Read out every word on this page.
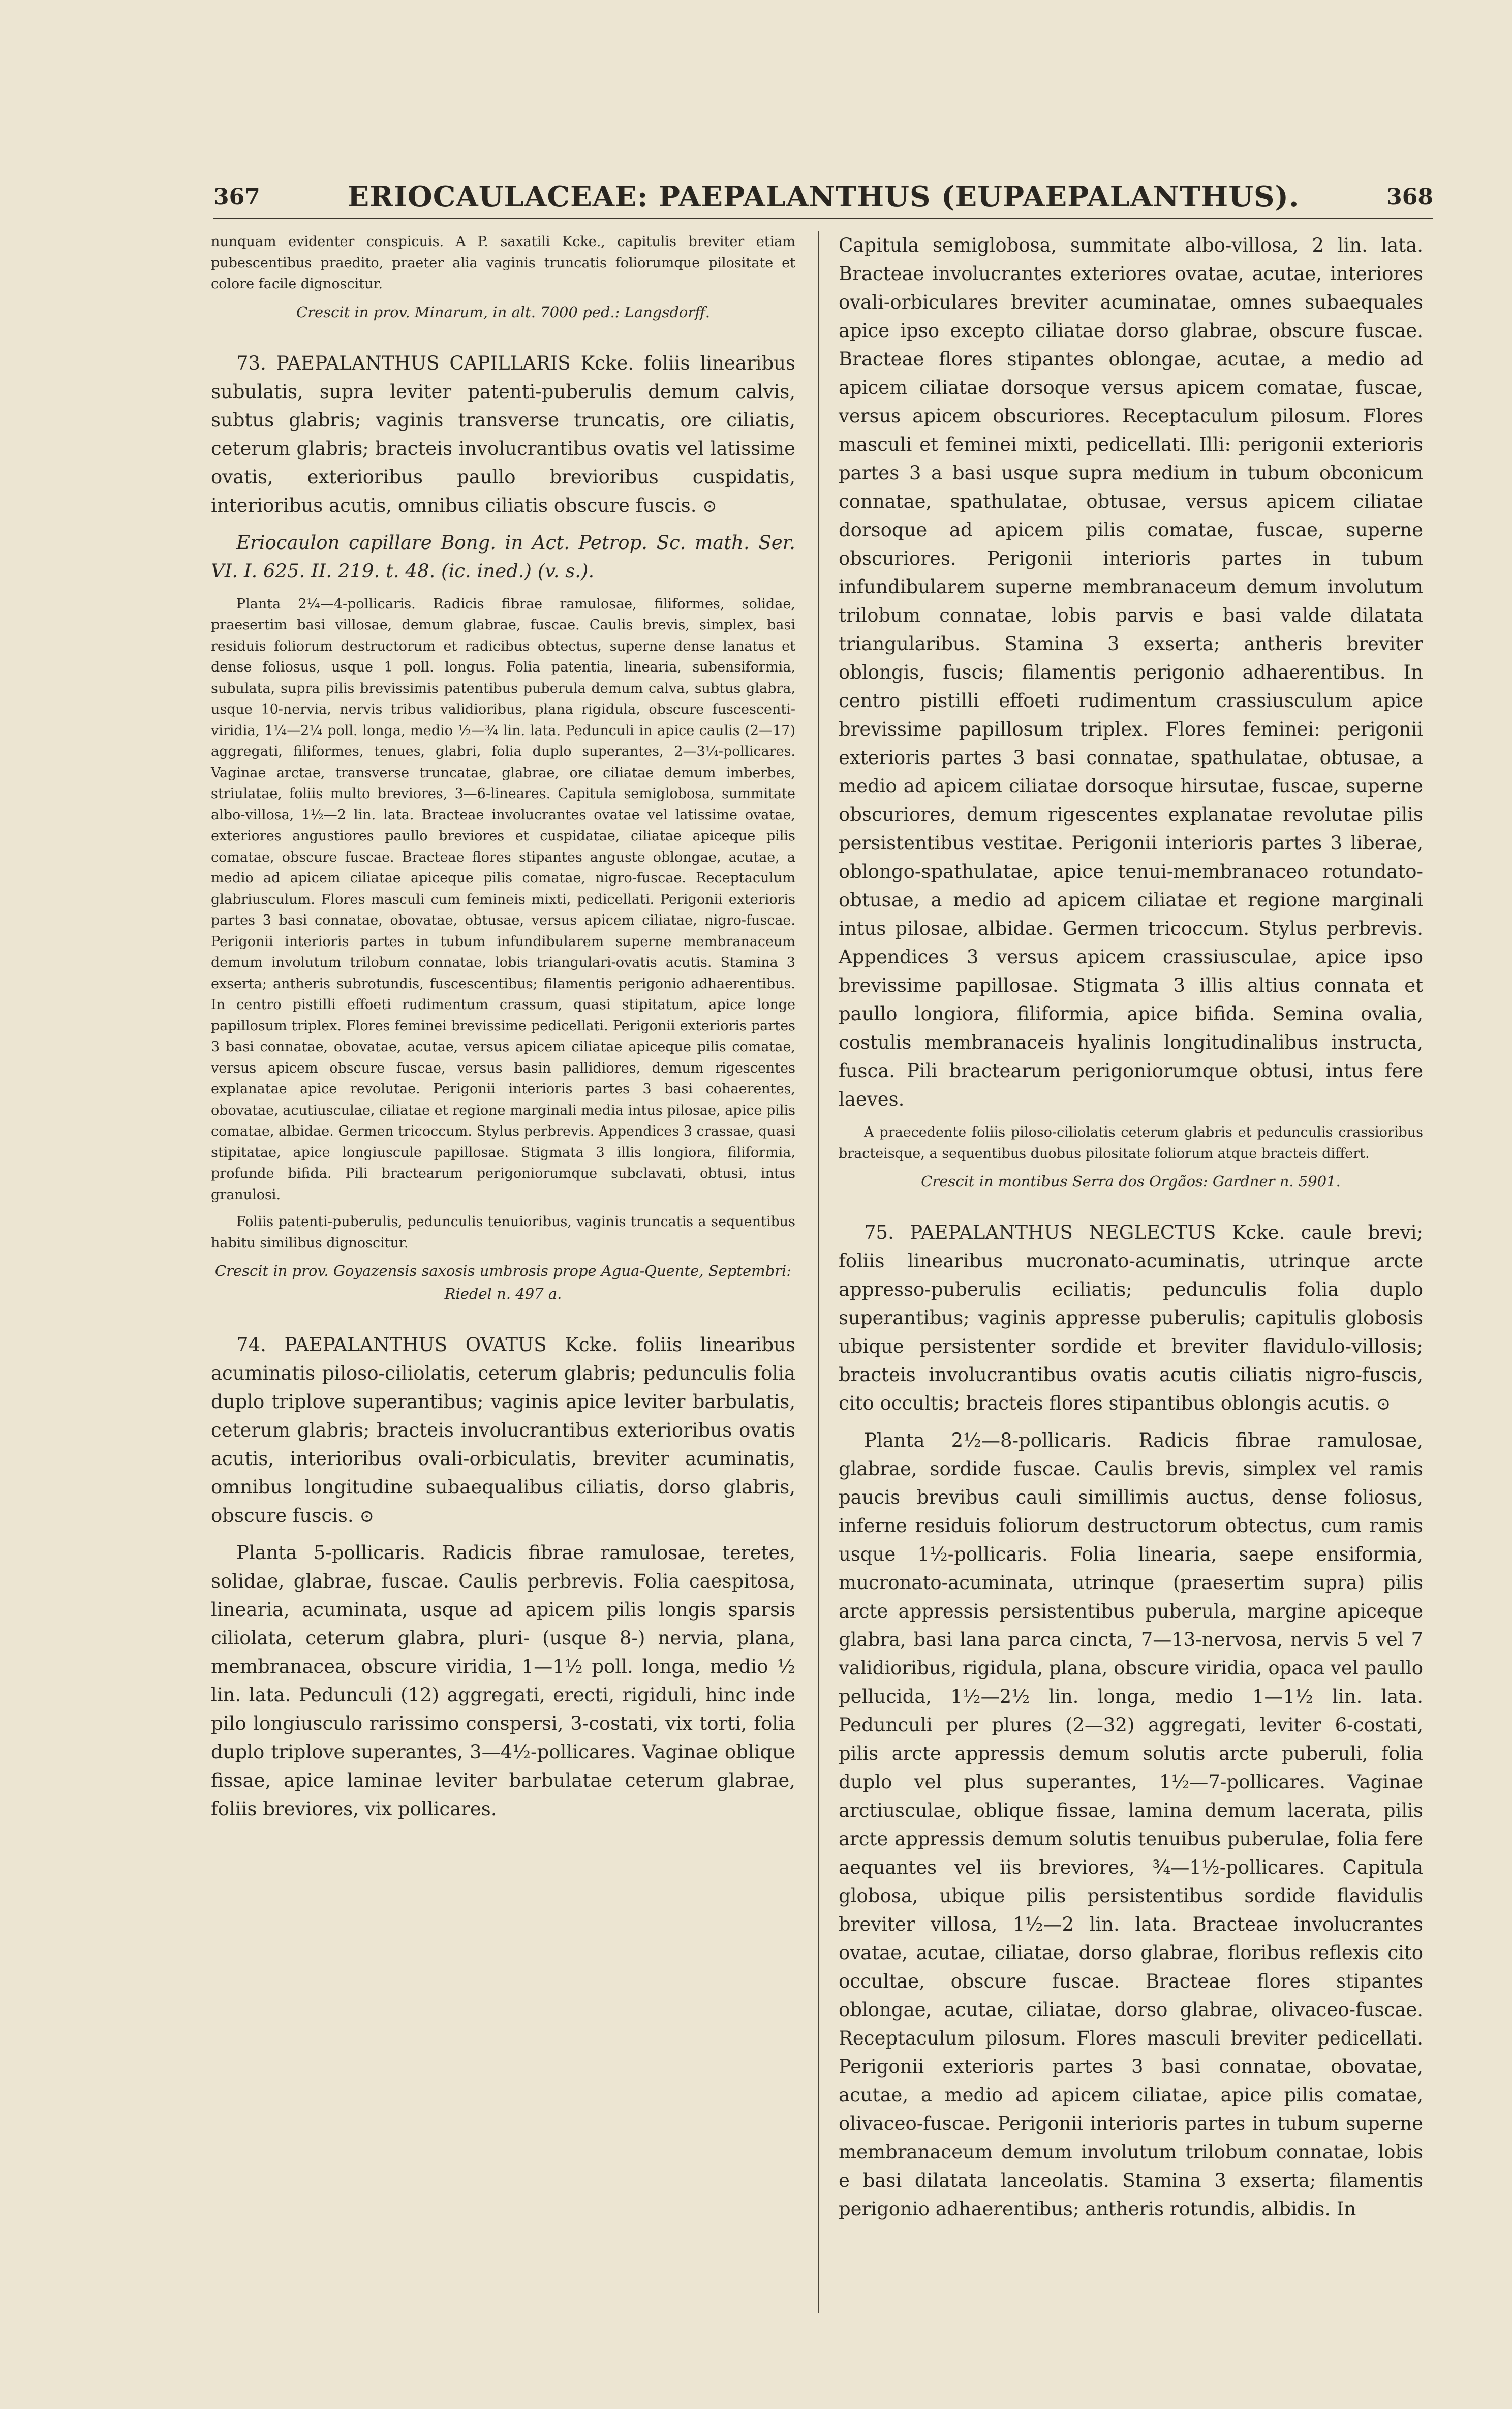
367	ERIOCAULACEAE: PAEPALANTHUS (EUPAEPALANTHUS).	368

nunquam evidenter conspicuis. A P. saxatili Kcke., capitulis breviter etiam pubescentibus praedito, praeter alia vaginis truncatis foliorumque pilositate et colore facile dignoscitur.

Crescit in prov. Minarum, in alt. 7000 ped.: Langsdorff.

73. PAEPALANTHUS CAPILLARIS Kcke. foliis linearibus subulatis, supra leviter patenti-puberulis demum calvis, subtus glabris; vaginis transverse truncatis, ore ciliatis, ceterum glabris; bracteis involucrantibus ovatis vel latissime ovatis, exterioribus paullo brevioribus cuspidatis, interioribus acutis, omnibus ciliatis obscure fuscis. ⊙

Eriocaulon capillare Bong. in Act. Petrop. Sc. math. Ser. VI. I. 625. II. 219. t. 48. (ic. ined.) (v. s.).

Planta 2¼—4-pollicaris. Radicis fibrae ramulosae, filiformes, solidae, praesertim basi villosae, demum glabrae, fuscae. Caulis brevis, simplex, basi residuis foliorum destructorum et radicibus obtectus, superne dense lanatus et dense foliosus, usque 1 poll. longus. Folia patentia, linearia, subensiformia, subulata, supra pilis brevissimis patentibus puberula demum calva, subtus glabra, usque 10-nervia, nervis tribus validioribus, plana rigidula, obscure fuscescenti-viridia, 1¼—2¼ poll. longa, medio ½—¾ lin. lata. Pedunculi in apice caulis (2—17) aggregati, filiformes, tenues, glabri, folia duplo superantes, 2—3¼-pollicares. Vaginae arctae, transverse truncatae, glabrae, ore ciliatae demum imberbes, striulatae, foliis multo breviores, 3—6-lineares. Capitula semiglobosa, summitate albo-villosa, 1½—2 lin. lata. Bracteae involucrantes ovatae vel latissime ovatae, exteriores angustiores paullo breviores et cuspidatae, ciliatae apiceque pilis comatae, obscure fuscae. Bracteae flores stipantes anguste oblongae, acutae, a medio ad apicem ciliatae apiceque pilis comatae, nigro-fuscae. Receptaculum glabriusculum. Flores masculi cum femineis mixti, pedicellati. Perigonii exterioris partes 3 basi connatae, obovatae, obtusae, versus apicem ciliatae, nigro-fuscae. Perigonii interioris partes in tubum infundibularem superne membranaceum demum involutum trilobum connatae, lobis triangulari-ovatis acutis. Stamina 3 exserta; antheris subrotundis, fuscescentibus; filamentis perigonio adhaerentibus. In centro pistilli effoeti rudimentum crassum, quasi stipitatum, apice longe papillosum triplex. Flores feminei brevissime pedicellati. Perigonii exterioris partes 3 basi connatae, obovatae, acutae, versus apicem ciliatae apiceque pilis comatae, versus apicem obscure fuscae, versus basin pallidiores, demum rigescentes explanatae apice revolutae. Perigonii interioris partes 3 basi cohaerentes, obovatae, acutiusculae, ciliatae et regione marginali media intus pilosae, apice pilis comatae, albidae. Germen tricoccum. Stylus perbrevis. Appendices 3 crassae, quasi stipitatae, apice longiuscule papillosae. Stigmata 3 illis longiora, filiformia, profunde bifida. Pili bractearum perigoniorumque subclavati, obtusi, intus granulosi.

Foliis patenti-puberulis, pedunculis tenuioribus, vaginis truncatis a sequentibus habitu similibus dignoscitur.

Crescit in prov. Goyazensis saxosis umbrosis prope Agua-Quente, Septembri: Riedel n. 497 a.

74. PAEPALANTHUS OVATUS Kcke. foliis linearibus acuminatis piloso-ciliolatis, ceterum glabris; pedunculis folia duplo triplove superantibus; vaginis apice leviter barbulatis, ceterum glabris; bracteis involucrantibus exterioribus ovatis acutis, interioribus ovali-orbiculatis, breviter acuminatis, omnibus longitudine subaequalibus ciliatis, dorso glabris, obscure fuscis. ⊙

Planta 5-pollicaris. Radicis fibrae ramulosae, teretes, solidae, glabrae, fuscae. Caulis perbrevis. Folia caespitosa, linearia, acuminata, usque ad apicem pilis longis sparsis ciliolata, ceterum glabra, pluri- (usque 8-) nervia, plana, membranacea, obscure viridia, 1—1½ poll. longa, medio ½ lin. lata. Pedunculi (12) aggregati, erecti, rigiduli, hinc inde pilo longiusculo rarissimo conspersi, 3-costati, vix torti, folia duplo triplove superantes, 3—4½-pollicares. Vaginae oblique fissae, apice laminae leviter barbulatae ceterum glabrae, foliis breviores, vix pollicares.

Capitula semiglobosa, summitate albo-villosa, 2 lin. lata. Bracteae involucrantes exteriores ovatae, acutae, interiores ovali-orbiculares breviter acuminatae, omnes subaequales apice ipso excepto ciliatae dorso glabrae, obscure fuscae. Bracteae flores stipantes oblongae, acutae, a medio ad apicem ciliatae dorsoque versus apicem comatae, fuscae, versus apicem obscuriores. Receptaculum pilosum. Flores masculi et feminei mixti, pedicellati. Illi: perigonii exterioris partes 3 a basi usque supra medium in tubum obconicum connatae, spathulatae, obtusae, versus apicem ciliatae dorsoque ad apicem pilis comatae, fuscae, superne obscuriores. Perigonii interioris partes in tubum infundibularem superne membranaceum demum involutum trilobum connatae, lobis parvis e basi valde dilatata triangularibus. Stamina 3 exserta; antheris breviter oblongis, fuscis; filamentis perigonio adhaerentibus. In centro pistilli effoeti rudimentum crassiusculum apice brevissime papillosum triplex. Flores feminei: perigonii exterioris partes 3 basi connatae, spathulatae, obtusae, a medio ad apicem ciliatae dorsoque hirsutae, fuscae, superne obscuriores, demum rigescentes explanatae revolutae pilis persistentibus vestitae. Perigonii interioris partes 3 liberae, oblongo-spathulatae, apice tenui-membranaceo rotundato-obtusae, a medio ad apicem ciliatae et regione marginali intus pilosae, albidae. Germen tricoccum. Stylus perbrevis. Appendices 3 versus apicem crassiusculae, apice ipso brevissime papillosae. Stigmata 3 illis altius connata et paullo longiora, filiformia, apice bifida. Semina ovalia, costulis membranaceis hyalinis longitudinalibus instructa, fusca. Pili bractearum perigoniorumque obtusi, intus fere laeves.

A praecedente foliis piloso-ciliolatis ceterum glabris et pedunculis crassioribus bracteisque, a sequentibus duobus pilositate foliorum atque bracteis differt.

Crescit in montibus Serra dos Orgãos: Gardner n. 5901.

75. PAEPALANTHUS NEGLECTUS Kcke. caule brevi; foliis linearibus mucronato-acuminatis, utrinque arcte appresso-puberulis eciliatis; pedunculis folia duplo superantibus; vaginis appresse puberulis; capitulis globosis ubique persistenter sordide et breviter flavidulo-villosis; bracteis involucrantibus ovatis acutis ciliatis nigro-fuscis, cito occultis; bracteis flores stipantibus oblongis acutis. ⊙

Planta 2½—8-pollicaris. Radicis fibrae ramulosae, glabrae, sordide fuscae. Caulis brevis, simplex vel ramis paucis brevibus cauli simillimis auctus, dense foliosus, inferne residuis foliorum destructorum obtectus, cum ramis usque 1½-pollicaris. Folia linearia, saepe ensiformia, mucronato-acuminata, utrinque (praesertim supra) pilis arcte appressis persistentibus puberula, margine apiceque glabra, basi lana parca cincta, 7—13-nervosa, nervis 5 vel 7 validioribus, rigidula, plana, obscure viridia, opaca vel paullo pellucida, 1½—2½ lin. longa, medio 1—1½ lin. lata. Pedunculi per plures (2—32) aggregati, leviter 6-costati, pilis arcte appressis demum solutis arcte puberuli, folia duplo vel plus superantes, 1½—7-pollicares. Vaginae arctiusculae, oblique fissae, lamina demum lacerata, pilis arcte appressis demum solutis tenuibus puberulae, folia fere aequantes vel iis breviores, ¾—1½-pollicares. Capitula globosa, ubique pilis persistentibus sordide flavidulis breviter villosa, 1½—2 lin. lata. Bracteae involucrantes ovatae, acutae, ciliatae, dorso glabrae, floribus reflexis cito occultae, obscure fuscae. Bracteae flores stipantes oblongae, acutae, ciliatae, dorso glabrae, olivaceo-fuscae. Receptaculum pilosum. Flores masculi breviter pedicellati. Perigonii exterioris partes 3 basi connatae, obovatae, acutae, a medio ad apicem ciliatae, apice pilis comatae, olivaceo-fuscae. Perigonii interioris partes in tubum superne membranaceum demum involutum trilobum connatae, lobis e basi dilatata lanceolatis. Stamina 3 exserta; filamentis perigonio adhaerentibus; antheris rotundis, albidis. In
